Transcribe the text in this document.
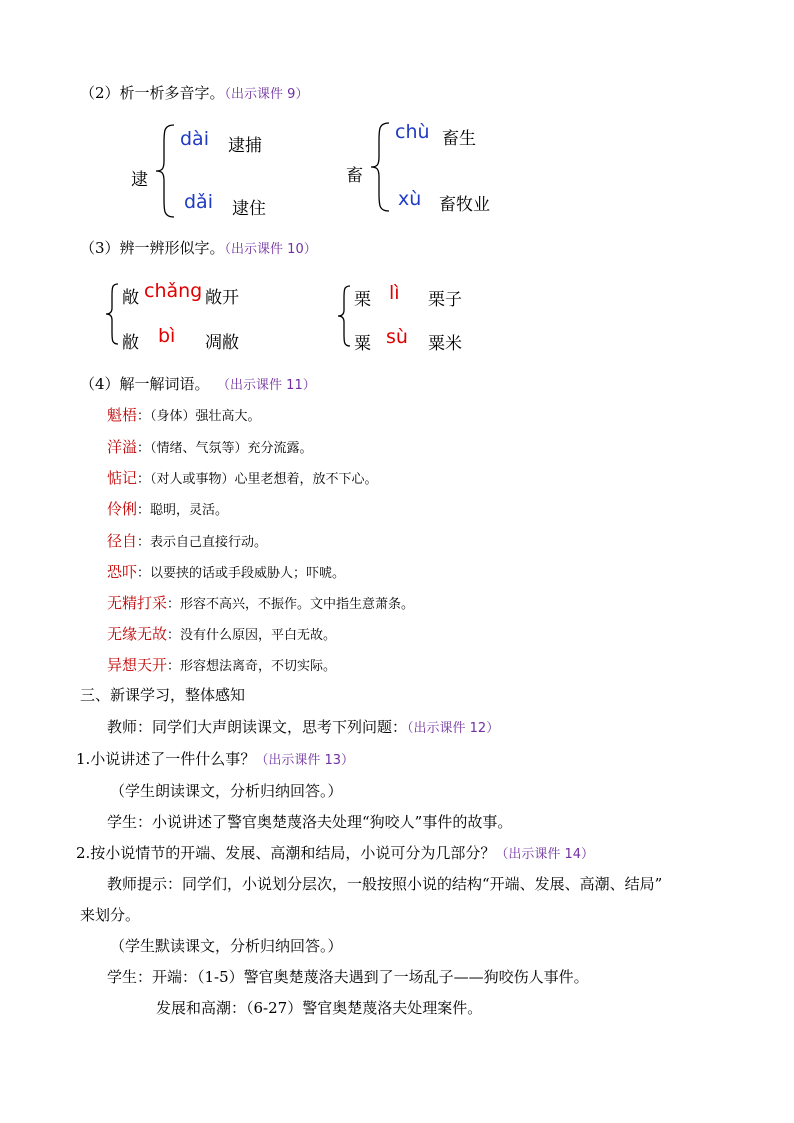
（2）析一析多音字。（出示课件 9）
逮
dài 逮捕
dǎi 逮住
畜
chù 畜生
xù 畜牧业
（3）辨一辨形似字。（出示课件 10）
敞 chǎng 敞开
敝 bì 凋敝
栗 lì 栗子
粟 sù 粟米
（4）解一解词语。 （出示课件 11）
魁梧：（身体）强壮高大。
洋溢：（情绪、气氛等）充分流露。
惦记：（对人或事物）心里老想着，放不下心。
伶俐：聪明，灵活。
径自：表示自己直接行动。
恐吓：以要挟的话或手段威胁人；吓唬。
无精打采：形容不高兴，不振作。文中指生意萧条。
无缘无故：没有什么原因，平白无故。
异想天开：形容想法离奇，不切实际。
三、新课学习，整体感知
教师：同学们大声朗读课文，思考下列问题：（出示课件 12）
1.小说讲述了一件什么事？（出示课件 13）
（学生朗读课文，分析归纳回答。）
学生：小说讲述了警官奥楚蔑洛夫处理“狗咬人”事件的故事。
2.按小说情节的开端、发展、高潮和结局，小说可分为几部分？（出示课件 14）
教师提示：同学们，小说划分层次，一般按照小说的结构“开端、发展、高潮、结局”
来划分。
（学生默读课文，分析归纳回答。）
学生：开端：（1-5）警官奥楚蔑洛夫遇到了一场乱子——狗咬伤人事件。
发展和高潮：（6-27）警官奥楚蔑洛夫处理案件。
